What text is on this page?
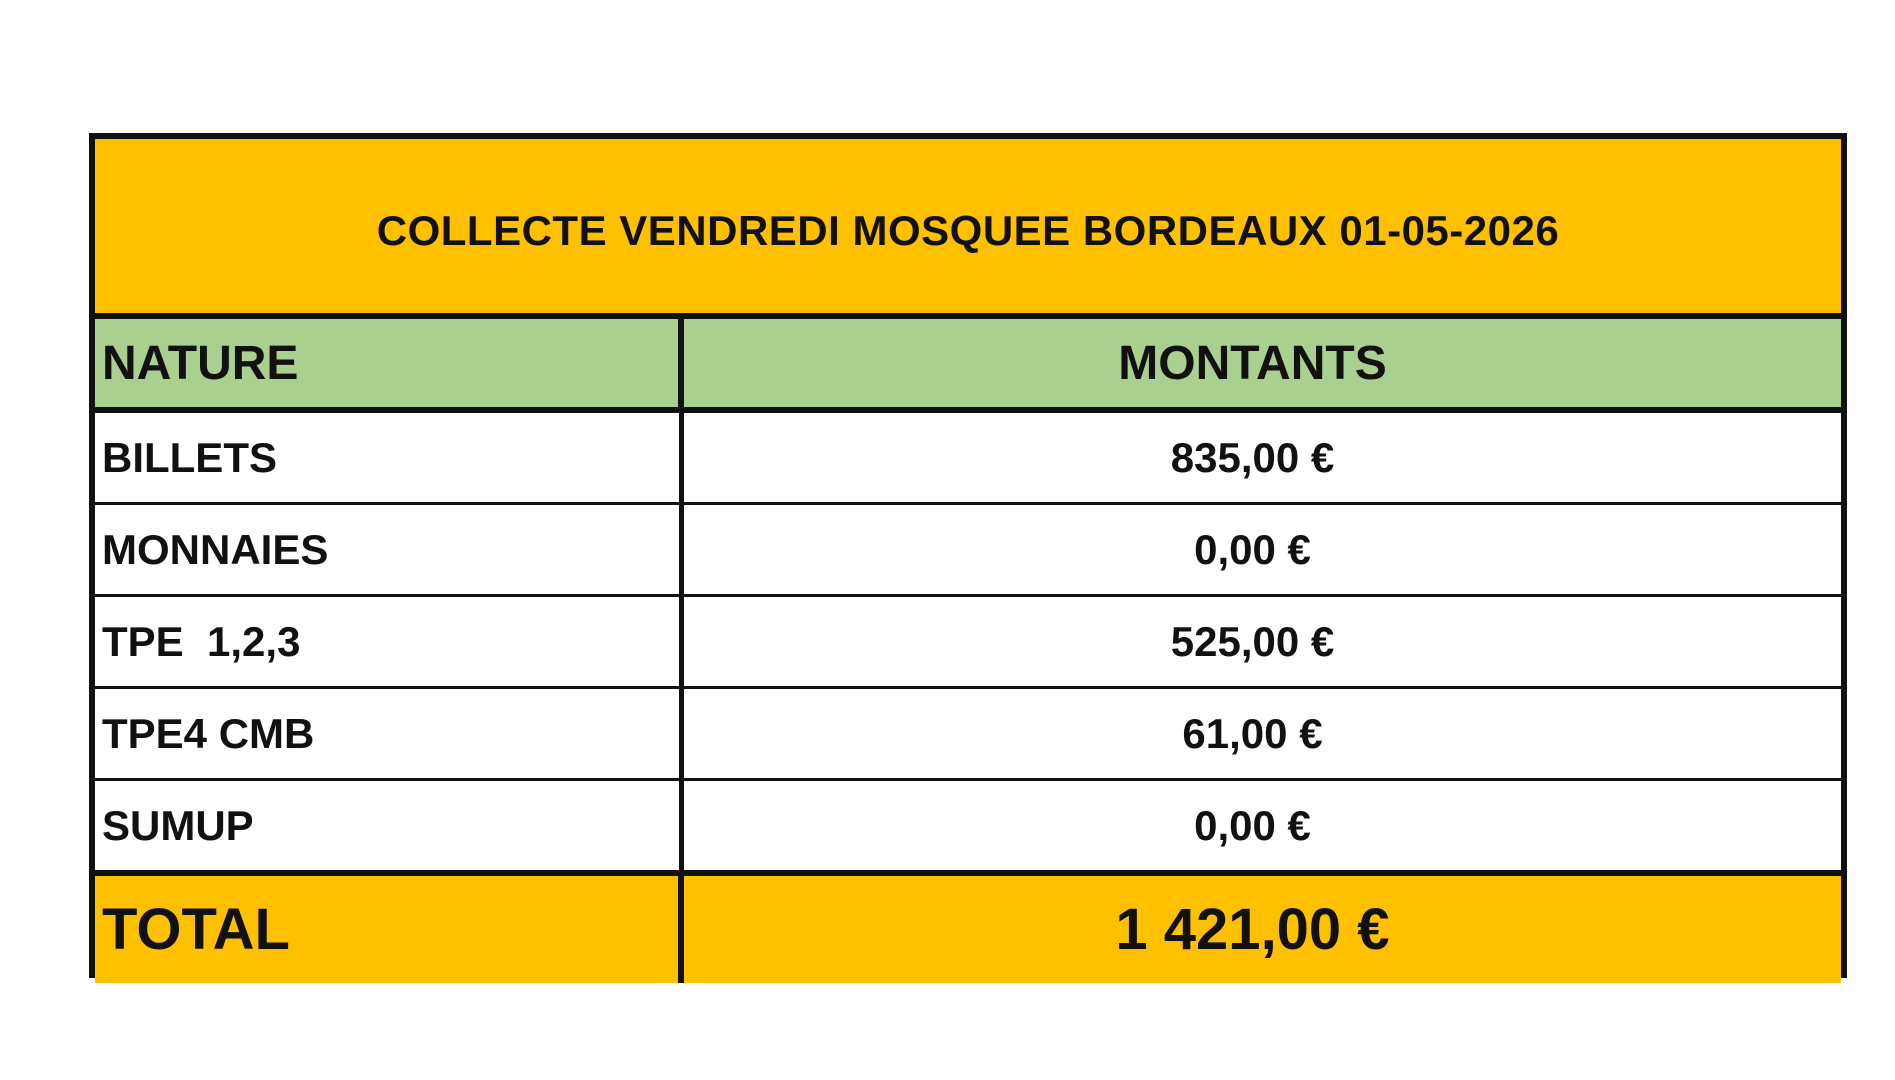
COLLECTE VENDREDI MOSQUEE BORDEAUX 01-05-2026
NATURE	MONTANTS
BILLETS	835,00 €
MONNAIES	0,00 €
TPE  1,2,3	525,00 €
TPE4 CMB	61,00 €
SUMUP	0,00 €
TOTAL	1 421,00 €
